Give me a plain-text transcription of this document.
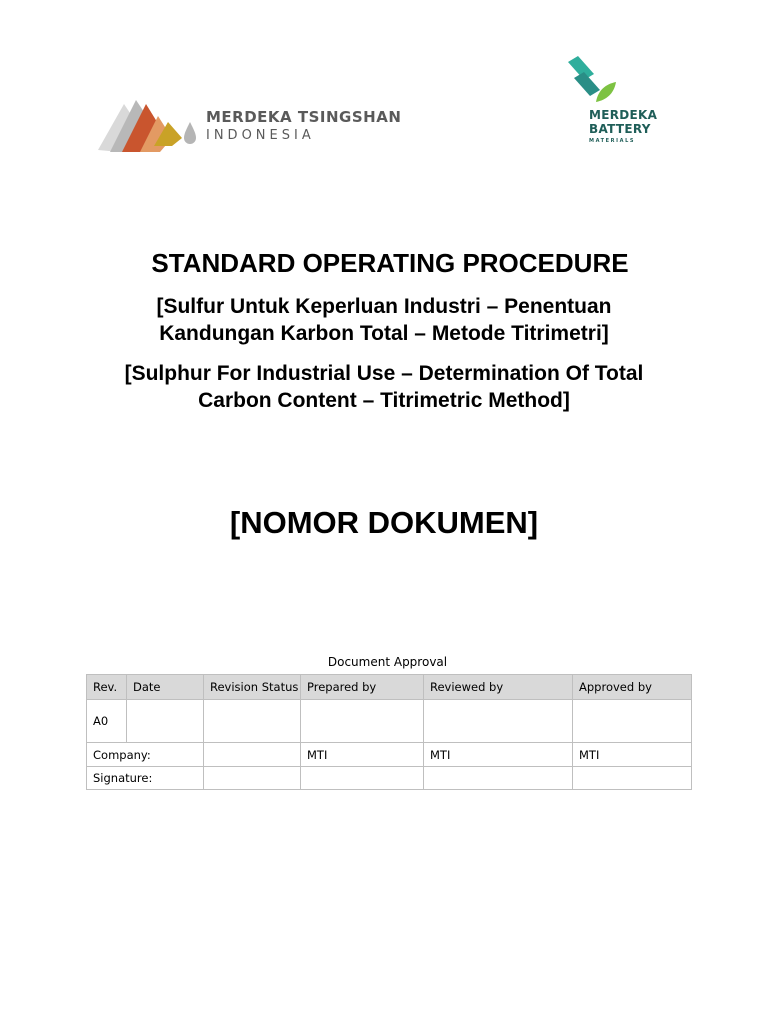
MERDEKA TSINGSHAN
INDONESIA
MERDEKA
BATTERY
MATERIALS
STANDARD OPERATING PROCEDURE
[Sulfur Untuk Keperluan Industri – Penentuan
Kandungan Karbon Total – Metode Titrimetri]
[Sulphur For Industrial Use – Determination Of Total
Carbon Content – Titrimetric Method]
[NOMOR DOKUMEN]
Document Approval
Rev.	Date	Revision Status	Prepared by	Reviewed by	Approved by
A0					
Company:			MTI	MTI	MTI
Signature:					
